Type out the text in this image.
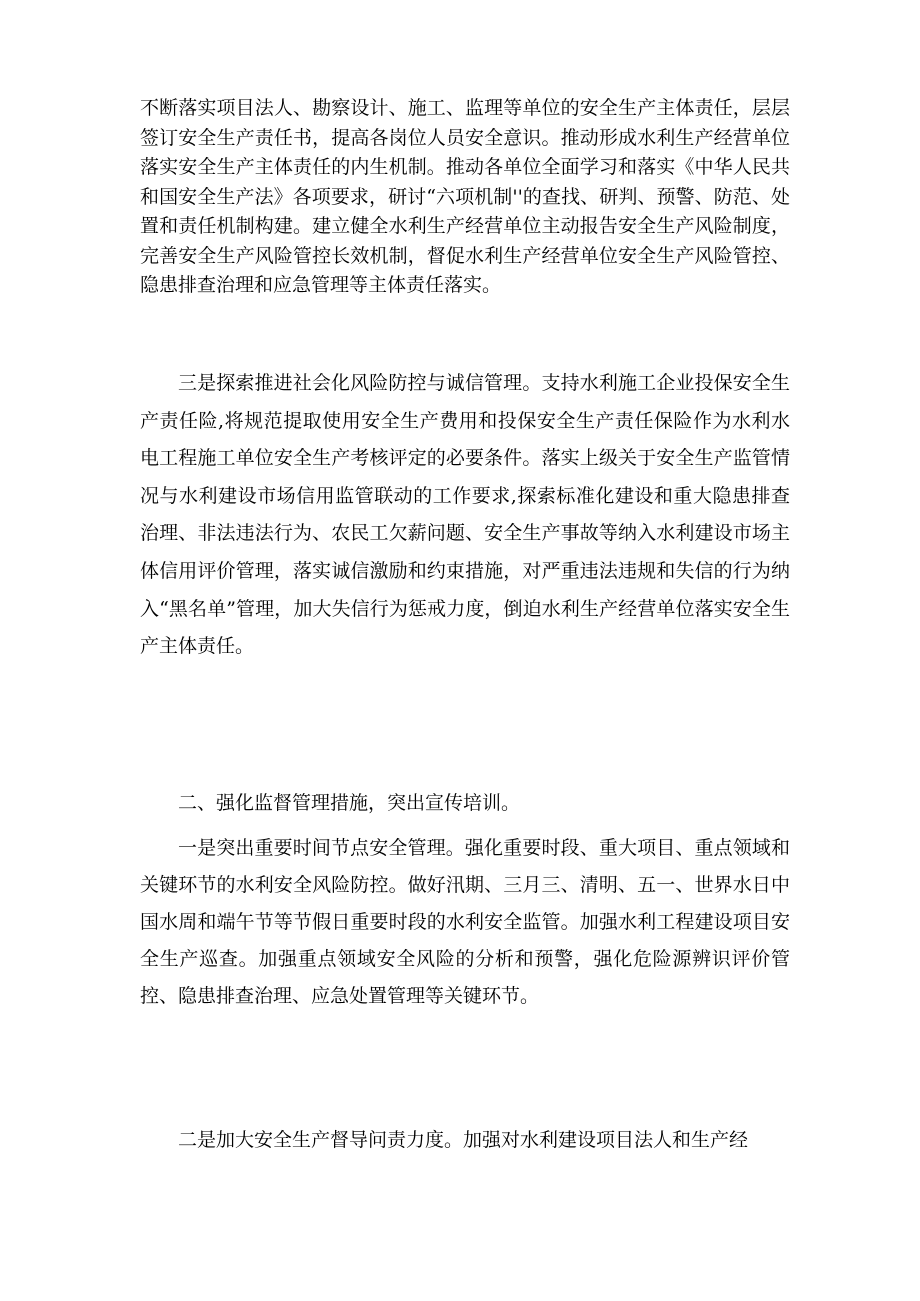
不断落实项目法人、勘察设计、施工、监理等单位的安全生产主体责任，层层签订安全生产责任书，提高各岗位人员安全意识。推动形成水利生产经营单位落实安全生产主体责任的内生机制。推动各单位全面学习和落实《中华人民共和国安全生产法》各项要求，研讨“六项机制''的查找、研判、预警、防范、处置和责任机制构建。建立健全水利生产经营单位主动报告安全生产风险制度，完善安全生产风险管控长效机制，督促水利生产经营单位安全生产风险管控、隐患排查治理和应急管理等主体责任落实。

三是探索推进社会化风险防控与诚信管理。支持水利施工企业投保安全生产责任险,将规范提取使用安全生产费用和投保安全生产责任保险作为水利水电工程施工单位安全生产考核评定的必要条件。落实上级关于安全生产监管情况与水利建设市场信用监管联动的工作要求,探索标准化建设和重大隐患排查治理、非法违法行为、农民工欠薪问题、安全生产事故等纳入水利建设市场主体信用评价管理，落实诚信激励和约束措施，对严重违法违规和失信的行为纳入“黑名单”管理，加大失信行为惩戒力度，倒迫水利生产经营单位落实安全生产主体责任。

二、强化监督管理措施，突出宣传培训。

一是突出重要时间节点安全管理。强化重要时段、重大项目、重点领域和关键环节的水利安全风险防控。做好汛期、三月三、清明、五一、世界水日中国水周和端午节等节假日重要时段的水利安全监管。加强水利工程建设项目安全生产巡查。加强重点领域安全风险的分析和预警，强化危险源辨识评价管控、隐患排查治理、应急处置管理等关键环节。

二是加大安全生产督导问责力度。加强对水利建设项目法人和生产经
